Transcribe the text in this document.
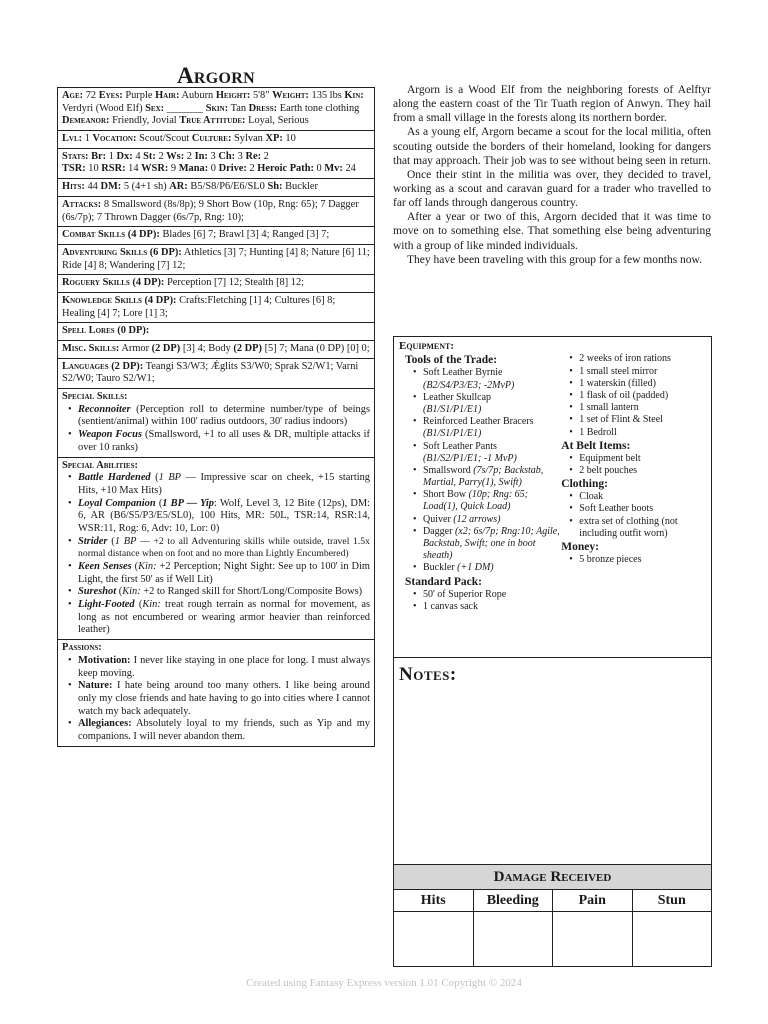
Argorn
Age: 72 Eyes: Purple Hair: Auburn Height: 5'8" Weight: 135 lbs Kin: Verdyri (Wood Elf) Sex: _______ Skin: Tan Dress: Earth tone clothing Demeanor: Friendly, Jovial True Attitude: Loyal, Serious
Lvl: 1 Vocation: Scout/Scout Culture: Sylvan XP: 10
Stats: Br: 1 Dx: 4 St: 2 Ws: 2 In: 3 Ch: 3 Re: 2
TSR: 10 RSR: 14 WSR: 9 Mana: 0 Drive: 2 Heroic Path: 0 Mv: 24
Hits: 44 DM: 5 (4+1 sh) AR: B5/S8/P6/E6/SL0 Sh: Buckler
Attacks: 8 Smallsword (8s/8p); 9 Short Bow (10p, Rng: 65); 7 Dagger (6s/7p); 7 Thrown Dagger (6s/7p, Rng: 10);
Combat Skills (4 DP): Blades [6] 7; Brawl [3] 4; Ranged [3] 7;
Adventuring Skills (6 DP): Athletics [3] 7; Hunting [4] 8; Nature [6] 11; Ride [4] 8; Wandering [7] 12;
Roguery Skills (4 DP): Perception [7] 12; Stealth [8] 12;
Knowledge Skills (4 DP): Crafts:Fletching [1] 4; Cultures [6] 8; Healing [4] 7; Lore [1] 3;
Spell Lores (0 DP):
Misc. Skills: Armor (2 DP) [3] 4; Body (2 DP) [5] 7; Mana (0 DP) [0] 0;
Languages (2 DP): Teangi S3/W3; Ǽglits S3/W0; Sprak S2/W1; Varni S2/W0; Tauro S2/W1;
Special Skills:
• Reconnoiter (Perception roll to determine number/type of beings (sentient/animal) within 100' radius outdoors, 30' radius indoors)
• Weapon Focus (Smallsword, +1 to all uses & DR, multiple attacks if over 10 ranks)
Special Abilities:
• Battle Hardened (1 BP — Impressive scar on cheek, +15 starting Hits, +10 Max Hits)
• Loyal Companion (1 BP — Yip: Wolf, Level 3, 12 Bite (12ps), DM: 6, AR (B6/S5/P3/E5/SL0), 100 Hits, MR: 50L, TSR:14, RSR:14, WSR:11, Rog: 6, Adv: 10, Lor: 0)
• Strider (1 BP — +2 to all Adventuring skills while outside, travel 1.5x normal distance when on foot and no more than Lightly Encumbered)
• Keen Senses (Kin: +2 Perception; Night Sight: See up to 100' in Dim Light, the first 50' as if Well Lit)
• Sureshot (Kin: +2 to Ranged skill for Short/Long/Composite Bows)
• Light-Footed (Kin: treat rough terrain as normal for movement, as long as not encumbered or wearing armor heavier than reinforced leather)
Passions:
• Motivation: I never like staying in one place for long. I must always keep moving.
• Nature: I hate being around too many others. I like being around only my close friends and hate having to go into cities where I cannot watch my back adequately.
• Allegiances: Absolutely loyal to my friends, such as Yip and my companions. I will never abandon them.

Argorn is a Wood Elf from the neighboring forests of Aelftyr along the eastern coast of the Tir Tuath region of Anwyn. They hail from a small village in the forests along its northern border.

As a young elf, Argorn became a scout for the local militia, often scouting outside the borders of their homeland, looking for dangers that may approach. Their job was to see without being seen in return.

Once their stint in the militia was over, they decided to travel, working as a scout and caravan guard for a trader who travelled to far off lands through dangerous country.

After a year or two of this, Argorn decided that it was time to move on to something else. That something else being adventuring with a group of like minded individuals.

They have been traveling with this group for a few months now.

Equipment:
Tools of the Trade:
• Soft Leather Byrnie
(B2/S4/P3/E3; -2MvP)
• Leather Skullcap
(B1/S1/P1/E1)
• Reinforced Leather Bracers
(B1/S1/P1/E1)
• Soft Leather Pants
(B1/S2/P1/E1; -1 MvP)
• Smallsword (7s/7p; Backstab, Martial, Parry(1), Swift)
• Short Bow (10p; Rng: 65; Load(1), Quick Load)
• Quiver (12 arrows)
• Dagger (x2; 6s/7p; Rng:10; Agile, Backstab, Swift; one in boot sheath)
• Buckler (+1 DM)
Standard Pack:
• 50' of Superior Rope
• 1 canvas sack
• 2 weeks of iron rations
• 1 small steel mirror
• 1 waterskin (filled)
• 1 flask of oil (padded)
• 1 small lantern
• 1 set of Flint & Steel
• 1 Bedroll
At Belt Items:
• Equipment belt
• 2 belt pouches
Clothing:
• Cloak
• Soft Leather boots
• extra set of clothing (not including outfit worn)
Money:
• 5 bronze pieces
Notes:
Damage Received
Hits	Bleeding	Pain	Stun
Created using Fantasy Express version 1.01 Copyright © 2024
